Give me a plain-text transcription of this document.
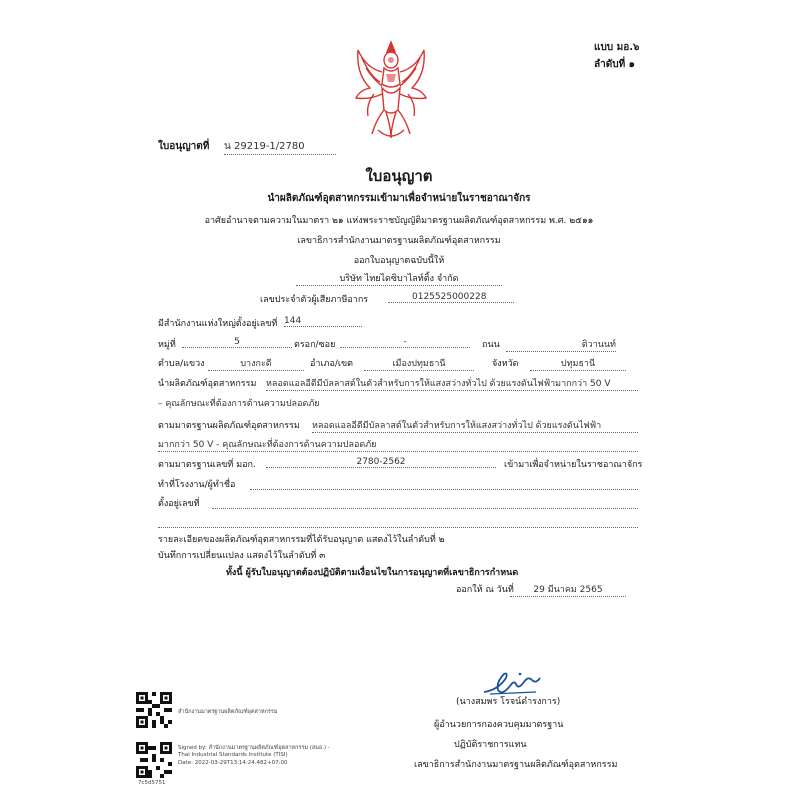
แบบ มอ.๖
ลำดับที่ ๑
ใบอนุญาตที่ น 29219-1/2780
ใบอนุญาต
นำผลิตภัณฑ์อุตสาหกรรมเข้ามาเพื่อจำหน่ายในราชอาณาจักร
อาศัยอำนาจตามความในมาตรา ๒๑ แห่งพระราชบัญญัติมาตรฐานผลิตภัณฑ์อุตสาหกรรม พ.ศ. ๒๕๑๑
เลขาธิการสำนักงานมาตรฐานผลิตภัณฑ์อุตสาหกรรม
ออกใบอนุญาตฉบับนี้ให้
บริษัท ไทยไดซิบาไลท์ติ้ง จำกัด
เลขประจำตัวผู้เสียภาษีอากร	0125525000228
มีสำนักงานแห่งใหญ่ตั้งอยู่เลขที่ 144
หมู่ที่	5	ตรอก/ซอย	-	ถนน	ติวานนท์
ตำบล/แขวง	บางกะดี	อำเภอ/เขต	เมืองปทุมธานี	จังหวัด	ปทุมธานี
นำผลิตภัณฑ์อุตสาหกรรม หลอดแอลอีดีมีบัลลาสต์ในตัวสำหรับการให้แสงสว่างทั่วไป ด้วยแรงดันไฟฟ้ามากกว่า 50 V
– คุณลักษณะที่ต้องการด้านความปลอดภัย
ตามมาตรฐานผลิตภัณฑ์อุตสาหกรรม หลอดแอลอีดีมีบัลลาสต์ในตัวสำหรับการให้แสงสว่างทั่วไป ด้วยแรงดันไฟฟ้า
มากกว่า 50 V - คุณลักษณะที่ต้องการด้านความปลอดภัย
ตามมาตรฐานเลขที่ มอก.	2780-2562	เข้ามาเพื่อจำหน่ายในราชอาณาจักร
ทำที่โรงงาน/ผู้ทำชื่อ
ตั้งอยู่เลขที่
รายละเอียดของผลิตภัณฑ์อุตสาหกรรมที่ได้รับอนุญาต แสดงไว้ในลำดับที่ ๒
บันทึกการเปลี่ยนแปลง แสดงไว้ในลำดับที่ ๓
ทั้งนี้ ผู้รับใบอนุญาตต้องปฏิบัติตามเงื่อนไขในการอนุญาตที่เลขาธิการกำหนด
ออกให้ ณ วันที่	29 มีนาคม 2565
(นางสมพร โรจน์ดำรงการ)
ผู้อำนวยการกองควบคุมมาตรฐาน
ปฏิบัติราชการแทน
เลขาธิการสำนักงานมาตรฐานผลิตภัณฑ์อุตสาหกรรม
สำนักงานมาตรฐานผลิตภัณฑ์อุตสาหกรรม
Signed by: สำนักงานมาตรฐานผลิตภัณฑ์อุตสาหกรรม (สมอ.) -
Thai Industrial Standards Institute (TISI)
Date: 2022-03-29T13:14:24.482+07:00
7c5d5751
